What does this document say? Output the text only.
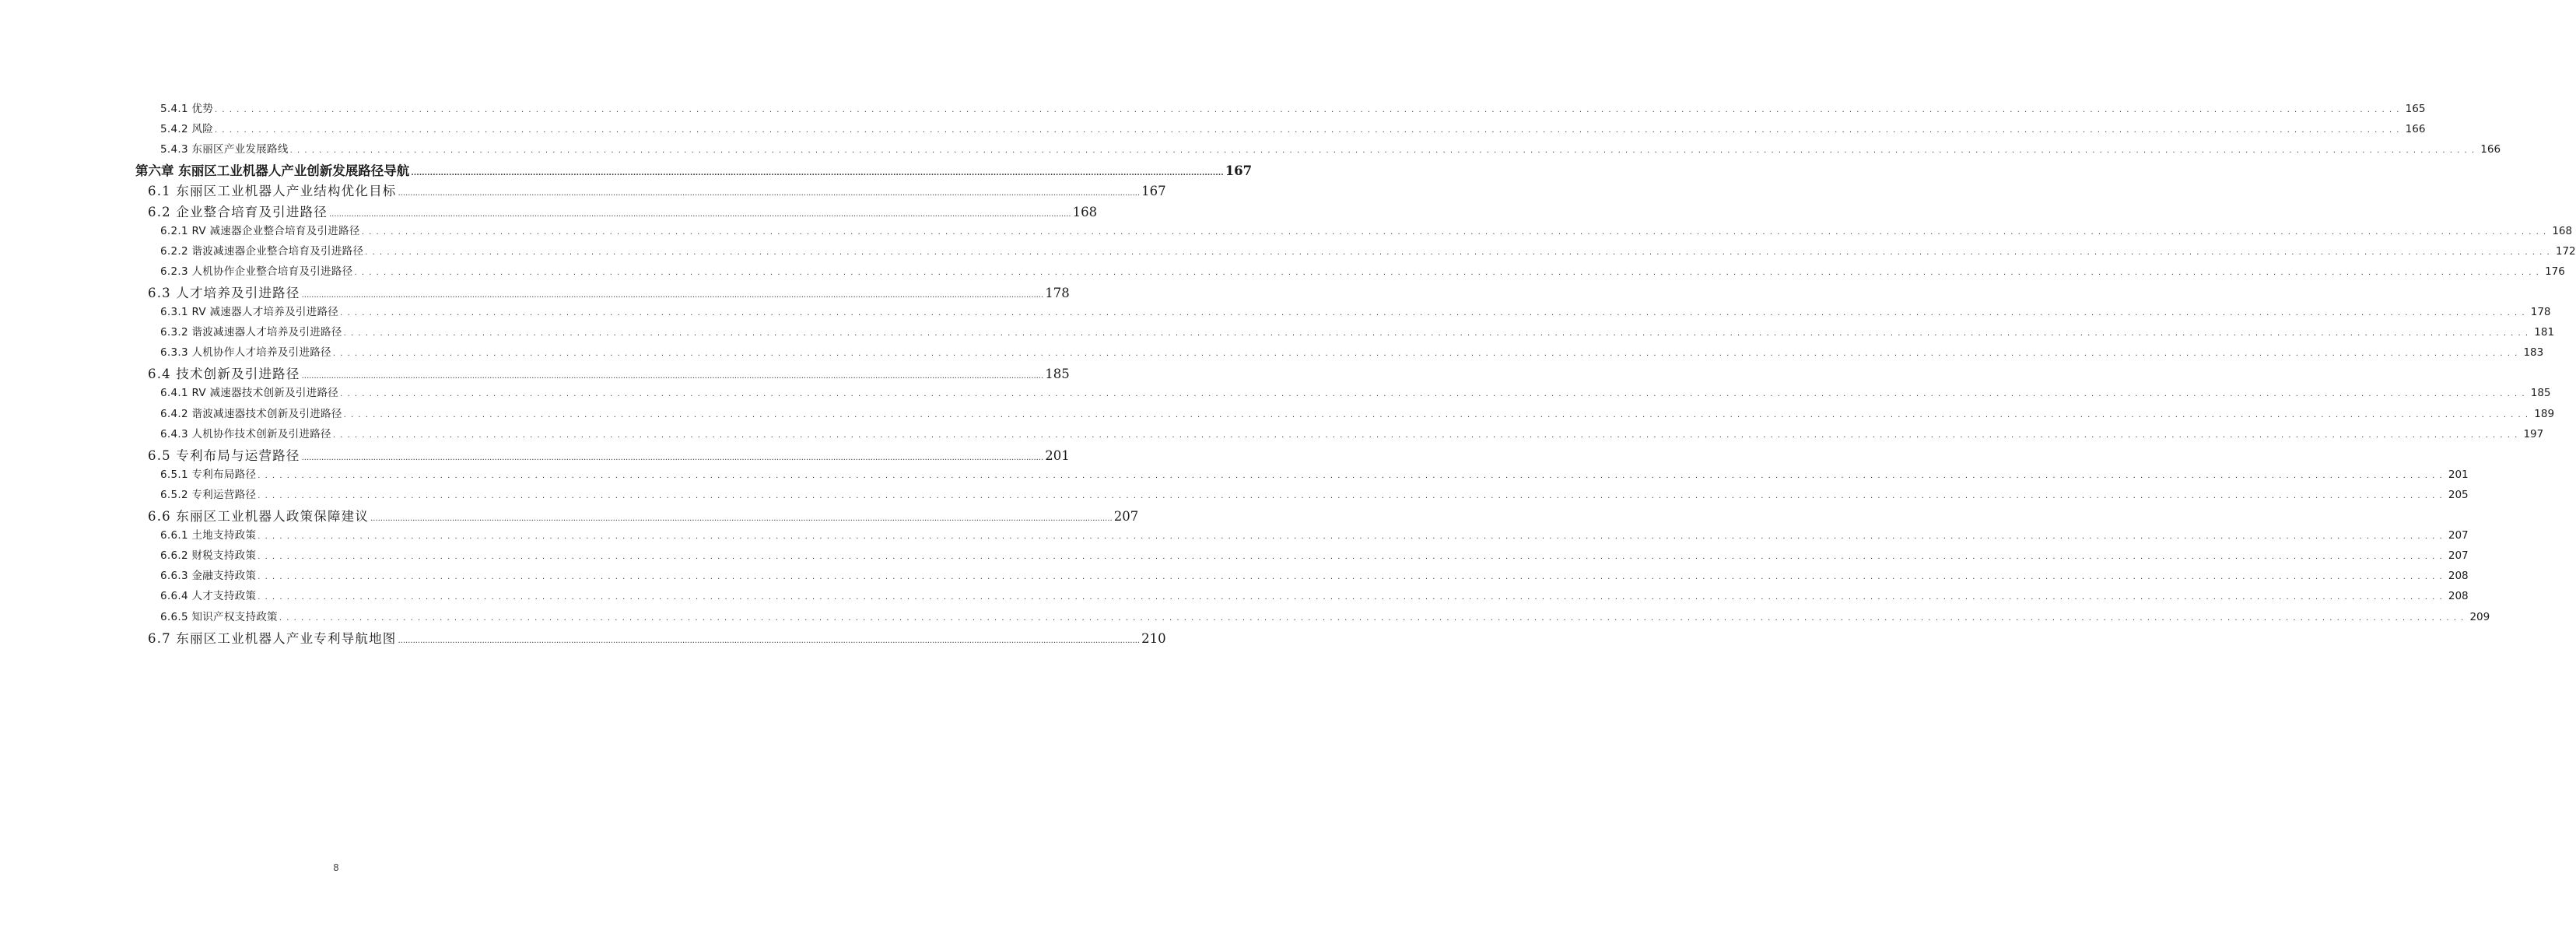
5.4.1 优势 ............................................................................................................................................................................................................................................................................................................ 165
5.4.2 风险 ............................................................................................................................................................................................................................................................................................................ 166
5.4.3 东丽区产业发展路线 ............................................................................................................................................................................................................................................................................................................ 166
第六章 东丽区工业机器人产业创新发展路径导航 ............................................................................................................................................................................................................................................................................................................ 167
6.1 东丽区工业机器人产业结构优化目标 ............................................................................................................................................................................................................................................................................................................ 167
6.2 企业整合培育及引进路径 ............................................................................................................................................................................................................................................................................................................ 168
6.2.1 RV 减速器企业整合培育及引进路径 ............................................................................................................................................................................................................................................................................................................ 168
6.2.2 谐波减速器企业整合培育及引进路径 ............................................................................................................................................................................................................................................................................................................ 172
6.2.3 人机协作企业整合培育及引进路径 ............................................................................................................................................................................................................................................................................................................ 176
6.3 人才培养及引进路径 ............................................................................................................................................................................................................................................................................................................ 178
6.3.1 RV 减速器人才培养及引进路径 ............................................................................................................................................................................................................................................................................................................ 178
6.3.2 谐波减速器人才培养及引进路径 ............................................................................................................................................................................................................................................................................................................ 181
6.3.3 人机协作人才培养及引进路径 ............................................................................................................................................................................................................................................................................................................ 183
6.4 技术创新及引进路径 ............................................................................................................................................................................................................................................................................................................ 185
6.4.1 RV 减速器技术创新及引进路径 ............................................................................................................................................................................................................................................................................................................ 185
6.4.2 谐波减速器技术创新及引进路径 ............................................................................................................................................................................................................................................................................................................ 189
6.4.3 人机协作技术创新及引进路径 ............................................................................................................................................................................................................................................................................................................ 197
6.5 专利布局与运营路径 ............................................................................................................................................................................................................................................................................................................ 201
6.5.1 专利布局路径 ............................................................................................................................................................................................................................................................................................................ 201
6.5.2 专利运营路径 ............................................................................................................................................................................................................................................................................................................ 205
6.6 东丽区工业机器人政策保障建议 ............................................................................................................................................................................................................................................................................................................ 207
6.6.1 土地支持政策 ............................................................................................................................................................................................................................................................................................................ 207
6.6.2 财税支持政策 ............................................................................................................................................................................................................................................................................................................ 207
6.6.3 金融支持政策 ............................................................................................................................................................................................................................................................................................................ 208
6.6.4 人才支持政策 ............................................................................................................................................................................................................................................................................................................ 208
6.6.5 知识产权支持政策 ............................................................................................................................................................................................................................................................................................................ 209
6.7 东丽区工业机器人产业专利导航地图 ............................................................................................................................................................................................................................................................................................................ 210
8
